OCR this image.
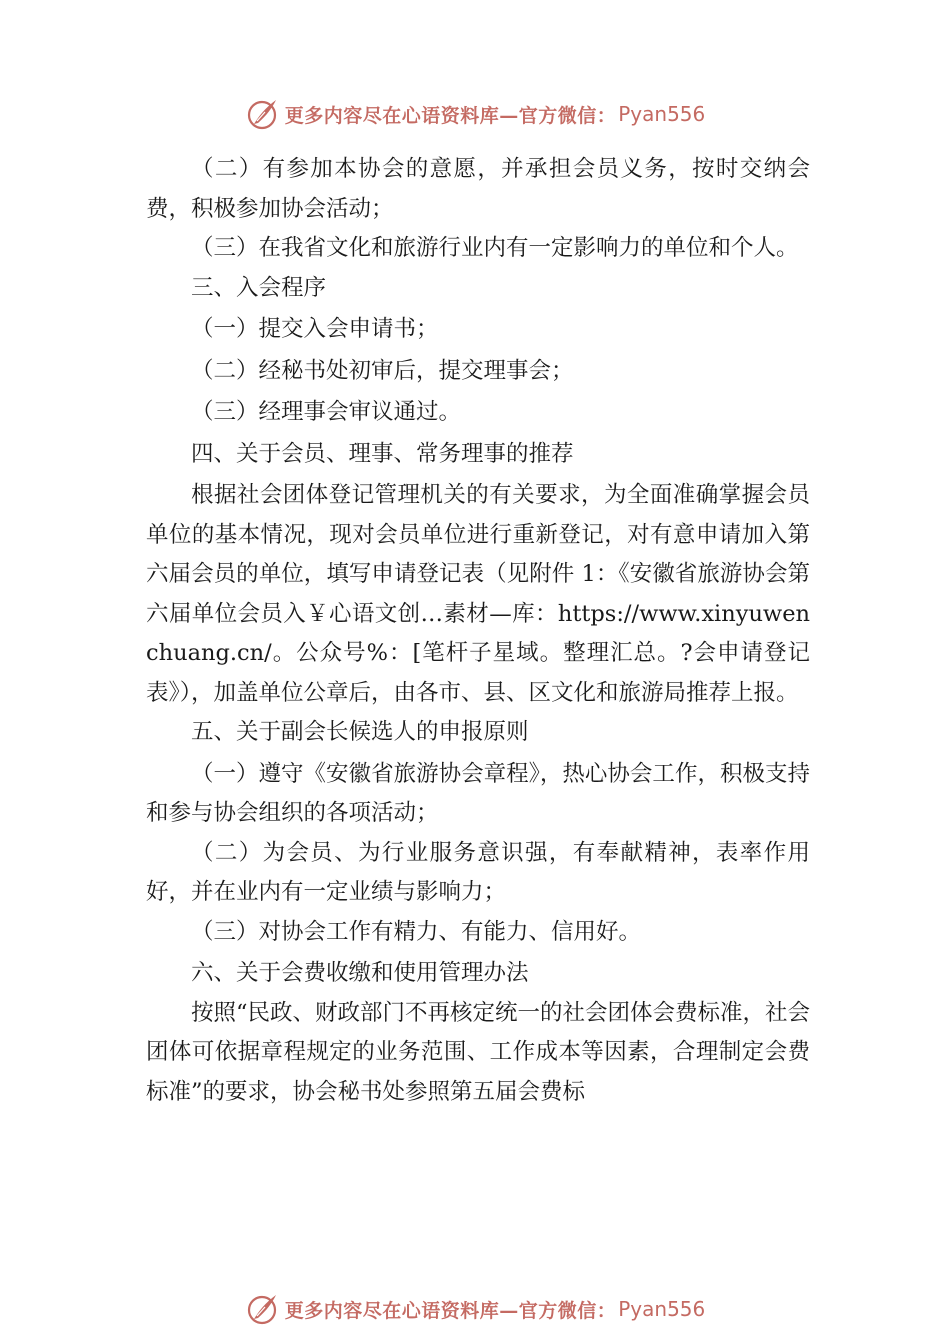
更多内容尽在心语资料库—官方微信： Pyan556

（二）有参加本协会的意愿，并承担会员义务，按时交纳会费，积极参加协会活动；

（三）在我省文化和旅游行业内有一定影响力的单位和个人。

三、入会程序

（一）提交入会申请书；

（二）经秘书处初审后，提交理事会；

（三）经理事会审议通过。

四、关于会员、理事、常务理事的推荐

根据社会团体登记管理机关的有关要求，为全面准确掌握会员单位的基本情况，现对会员单位进行重新登记，对有意申请加入第六届会员的单位，填写申请登记表（见附件 1：《安徽省旅游协会第六届单位会员入￥心语文创…素材—库：https://www.xinyuwenchuang.cn/。公众号%：[笔杆子星域。整理汇总。?会申请登记表》），加盖单位公章后，由各市、县、区文化和旅游局推荐上报。

五、关于副会长候选人的申报原则

（一）遵守《安徽省旅游协会章程》，热心协会工作，积极支持和参与协会组织的各项活动；

（二）为会员、为行业服务意识强，有奉献精神，表率作用好，并在业内有一定业绩与影响力；

（三）对协会工作有精力、有能力、信用好。

六、关于会费收缴和使用管理办法

按照“民政、财政部门不再核定统一的社会团体会费标准，社会团体可依据章程规定的业务范围、工作成本等因素，合理制定会费标准”的要求，协会秘书处参照第五届会费标

更多内容尽在心语资料库—官方微信： Pyan556
